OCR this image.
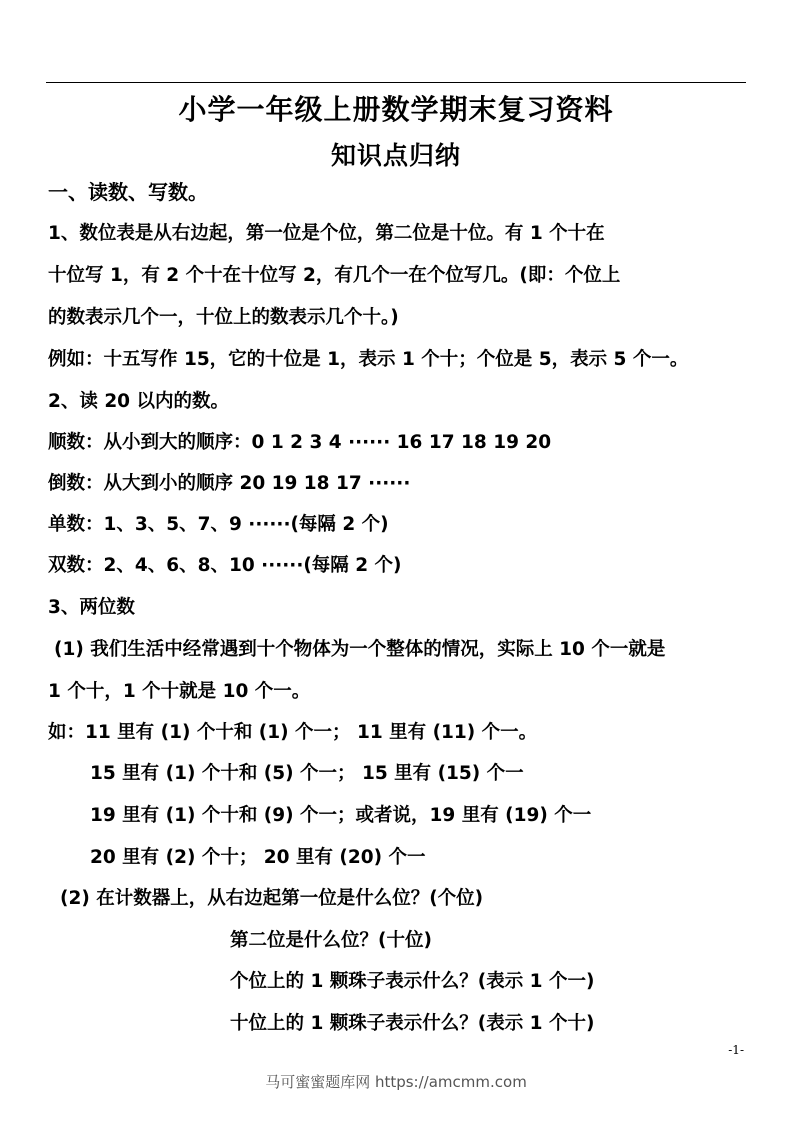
小学一年级上册数学期末复习资料
知识点归纳
一、读数、写数。
1、数位表是从右边起，第一位是个位，第二位是十位。有 1 个十在
十位写 1，有 2 个十在十位写 2，有几个一在个位写几。(即：个位上
的数表示几个一，十位上的数表示几个十。)
例如：十五写作 15，它的十位是 1，表示 1 个十；个位是 5，表示 5 个一。
2、读 20 以内的数。
顺数：从小到大的顺序：0 1 2 3 4 ······ 16 17 18 19 20
倒数：从大到小的顺序 20 19 18 17 ······
单数：1、3、5、7、9 ······(每隔 2 个)
双数：2、4、6、8、10 ······(每隔 2 个)
3、两位数
(1) 我们生活中经常遇到十个物体为一个整体的情况，实际上 10 个一就是
1 个十，1 个十就是 10 个一。
如：11 里有 (1) 个十和 (1) 个一； 11 里有 (11) 个一。
15 里有 (1) 个十和 (5) 个一； 15 里有 (15) 个一
19 里有 (1) 个十和 (9) 个一；或者说，19 里有 (19) 个一
20 里有 (2) 个十； 20 里有 (20) 个一
(2) 在计数器上，从右边起第一位是什么位？(个位)
第二位是什么位？(十位)
个位上的 1 颗珠子表示什么？(表示 1 个一)
十位上的 1 颗珠子表示什么？(表示 1 个十)
-1-
马可蜜蜜题库网 https://amcmm.com
